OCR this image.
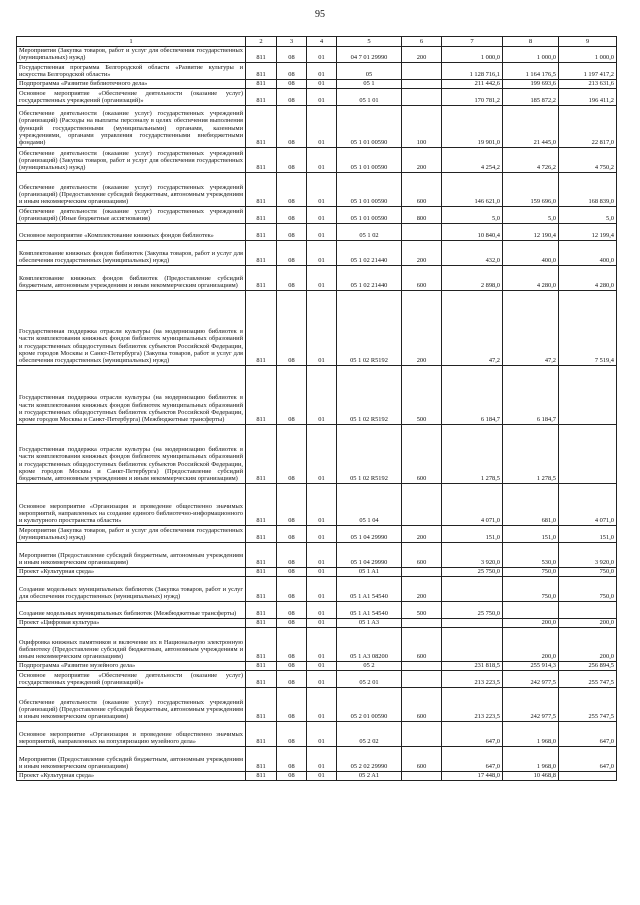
95
1	2	3	4	5	6	7	8	9
Мероприятия (Закупка товаров, работ и услуг для обеспечения государственных (муниципальных) нужд)	811	08	01	04 7 01 29990	200	1 000,0	1 000,0	1 000,0
Государственная программа Белгородской области «Развитие культуры и искусства Белгородской области»	811	08	01	05		1 128 716,1	1 164 176,5	1 197 417,2
Подпрограмма «Развитие библиотечного дела»	811	08	01	05 1		211 442,6	199 693,6	213 631,6
Основное мероприятие «Обеспечение деятельности (оказание услуг) государственных учреждений (организаций)»	811	08	01	05 1 01		170 781,2	185 872,2	196 411,2
Обеспечение деятельности (оказание услуг) государственных учреждений (организаций) (Расходы на выплаты персоналу в целях обеспечения выполнения функций государственными (муниципальными) органами, казенными учреждениями, органами управления государственными внебюджетными фондами)	811	08	01	05 1 01 00590	100	19 901,0	21 445,0	22 817,0
Обеспечение деятельности (оказание услуг) государственных учреждений (организаций) (Закупка товаров, работ и услуг для обеспечения государственных (муниципальных) нужд)	811	08	01	05 1 01 00590	200	4 254,2	4 726,2	4 750,2
Обеспечение деятельности (оказание услуг) государственных учреждений (организаций) (Предоставление субсидий бюджетным, автономным учреждениям и иным некоммерческим организациям)	811	08	01	05 1 01 00590	600	146 621,0	159 696,0	168 839,0
Обеспечение деятельности (оказание услуг) государственных учреждений (организаций) (Иные бюджетные ассигнования)	811	08	01	05 1 01 00590	800	5,0	5,0	5,0
Основное мероприятие «Комплектование книжных фондов библиотек»	811	08	01	05 1 02		10 840,4	12 190,4	12 199,4
Комплектование книжных фондов библиотек (Закупка товаров, работ и услуг для обеспечения государственных (муниципальных) нужд)	811	08	01	05 1 02 21440	200	432,0	400,0	400,0
Комплектование книжных фондов библиотек (Предоставление субсидий бюджетным, автономным учреждениям и иным некоммерческим организациям)	811	08	01	05 1 02 21440	600	2 898,0	4 280,0	4 280,0
Государственная поддержка отрасли культуры (на модернизацию библиотек в части комплектования книжных фондов библиотек муниципальных образований и государственных общедоступных библиотек субъектов Российской Федерации, кроме городов Москвы и Санкт-Петербурга) (Закупка товаров, работ и услуг для обеспечения государственных (муниципальных) нужд)	811	08	01	05 1 02 R5192	200	47,2	47,2	7 519,4
Государственная поддержка отрасли культуры (на модернизацию библиотек в части комплектования книжных фондов библиотек муниципальных образований и государственных общедоступных библиотек субъектов Российской Федерации, кроме городов Москвы и Санкт-Петербурга) (Межбюджетные трансферты)	811	08	01	05 1 02 R5192	500	6 184,7	6 184,7	
Государственная поддержка отрасли культуры (на модернизацию библиотек в части комплектования книжных фондов библиотек муниципальных образований и государственных общедоступных библиотек субъектов Российской Федерации, кроме городов Москвы и Санкт-Петербурга) (Предоставление субсидий бюджетным, автономным учреждениям и иным некоммерческим организациям)	811	08	01	05 1 02 R5192	600	1 278,5	1 278,5	
Основное мероприятие «Организация и проведение общественно значимых мероприятий, направленных на создание единого библиотечно-информационного и культурного пространства области»	811	08	01	05 1 04		4 071,0	681,0	4 071,0
Мероприятия (Закупка товаров, работ и услуг для обеспечения государственных (муниципальных) нужд)	811	08	01	05 1 04 29990	200	151,0	151,0	151,0
Мероприятия (Предоставление субсидий бюджетным, автономным учреждениям и иным некоммерческим организациям)	811	08	01	05 1 04 29990	600	3 920,0	530,0	3 920,0
Проект «Культурная среда»	811	08	01	05 1 A1		25 750,0	750,0	750,0
Создание модельных муниципальных библиотек (Закупка товаров, работ и услуг для обеспечения государственных (муниципальных) нужд)	811	08	01	05 1 A1 54540	200		750,0	750,0
Создание модельных муниципальных библиотек (Межбюджетные трансферты)	811	08	01	05 1 A1 54540	500	25 750,0		
Проект «Цифровая культура»	811	08	01	05 1 A3			200,0	200,0
Оцифровка книжных памятников и включение их в Национальную электронную библиотеку (Предоставление субсидий бюджетным, автономным учреждениям и иным некоммерческим организациям)	811	08	01	05 1 A3 08200	600		200,0	200,0
Подпрограмма «Развитие музейного дела»	811	08	01	05 2		231 818,5	255 914,3	256 894,5
Основное мероприятие «Обеспечение деятельности (оказание услуг) государственных учреждений (организаций)»	811	08	01	05 2 01		213 223,5	242 977,5	255 747,5
Обеспечение деятельности (оказание услуг) государственных учреждений (организаций) (Предоставление субсидий бюджетным, автономным учреждениям и иным некоммерческим организациям)	811	08	01	05 2 01 00590	600	213 223,5	242 977,5	255 747,5
Основное мероприятие «Организация и проведение общественно значимых мероприятий, направленных на популяризацию музейного дела»	811	08	01	05 2 02		647,0	1 968,0	647,0
Мероприятия (Предоставление субсидий бюджетным, автономным учреждениям и иным некоммерческим организациям)	811	08	01	05 2 02 29990	600	647,0	1 968,0	647,0
Проект «Культурная среда»	811	08	01	05 2 A1		17 448,0	10 468,8	
